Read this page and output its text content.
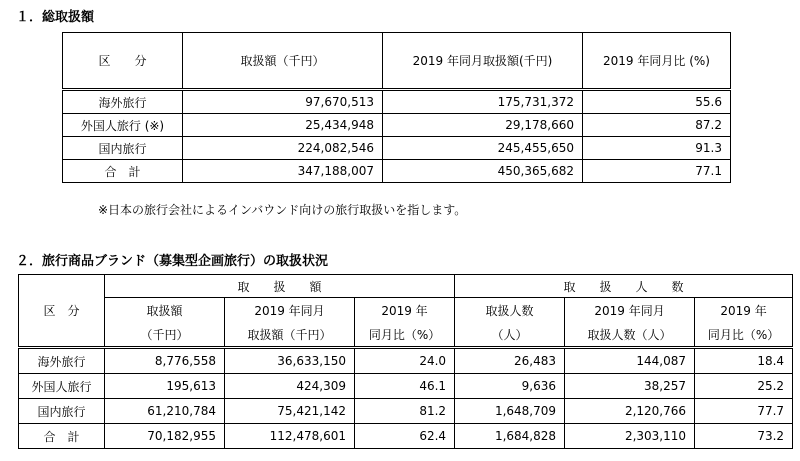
１．総取扱額
区　　分	取扱額（千円）	2019 年同月取扱額(千円)	2019 年同月比 (%)
海外旅行	97,670,513	175,731,372	55.6
外国人旅行 (※)	25,434,948	29,178,660	87.2
国内旅行	224,082,546	245,455,650	91.3
合　計	347,188,007	450,365,682	77.1
※日本の旅行会社によるインバウンド向けの旅行取扱いを指します。
２．旅行商品ブランド（募集型企画旅行）の取扱状況
区　分	取　　扱　　額			取　　扱　　人　　数		
	取扱額	2019 年同月	2019 年	取扱人数	2019 年同月	2019 年
	（千円）	取扱額（千円）	同月比（%）	（人）	取扱人数（人）	同月比（%）
海外旅行	8,776,558	36,633,150	24.0	26,483	144,087	18.4
外国人旅行	195,613	424,309	46.1	9,636	38,257	25.2
国内旅行	61,210,784	75,421,142	81.2	1,648,709	2,120,766	77.7
合　計	70,182,955	112,478,601	62.4	1,684,828	2,303,110	73.2
